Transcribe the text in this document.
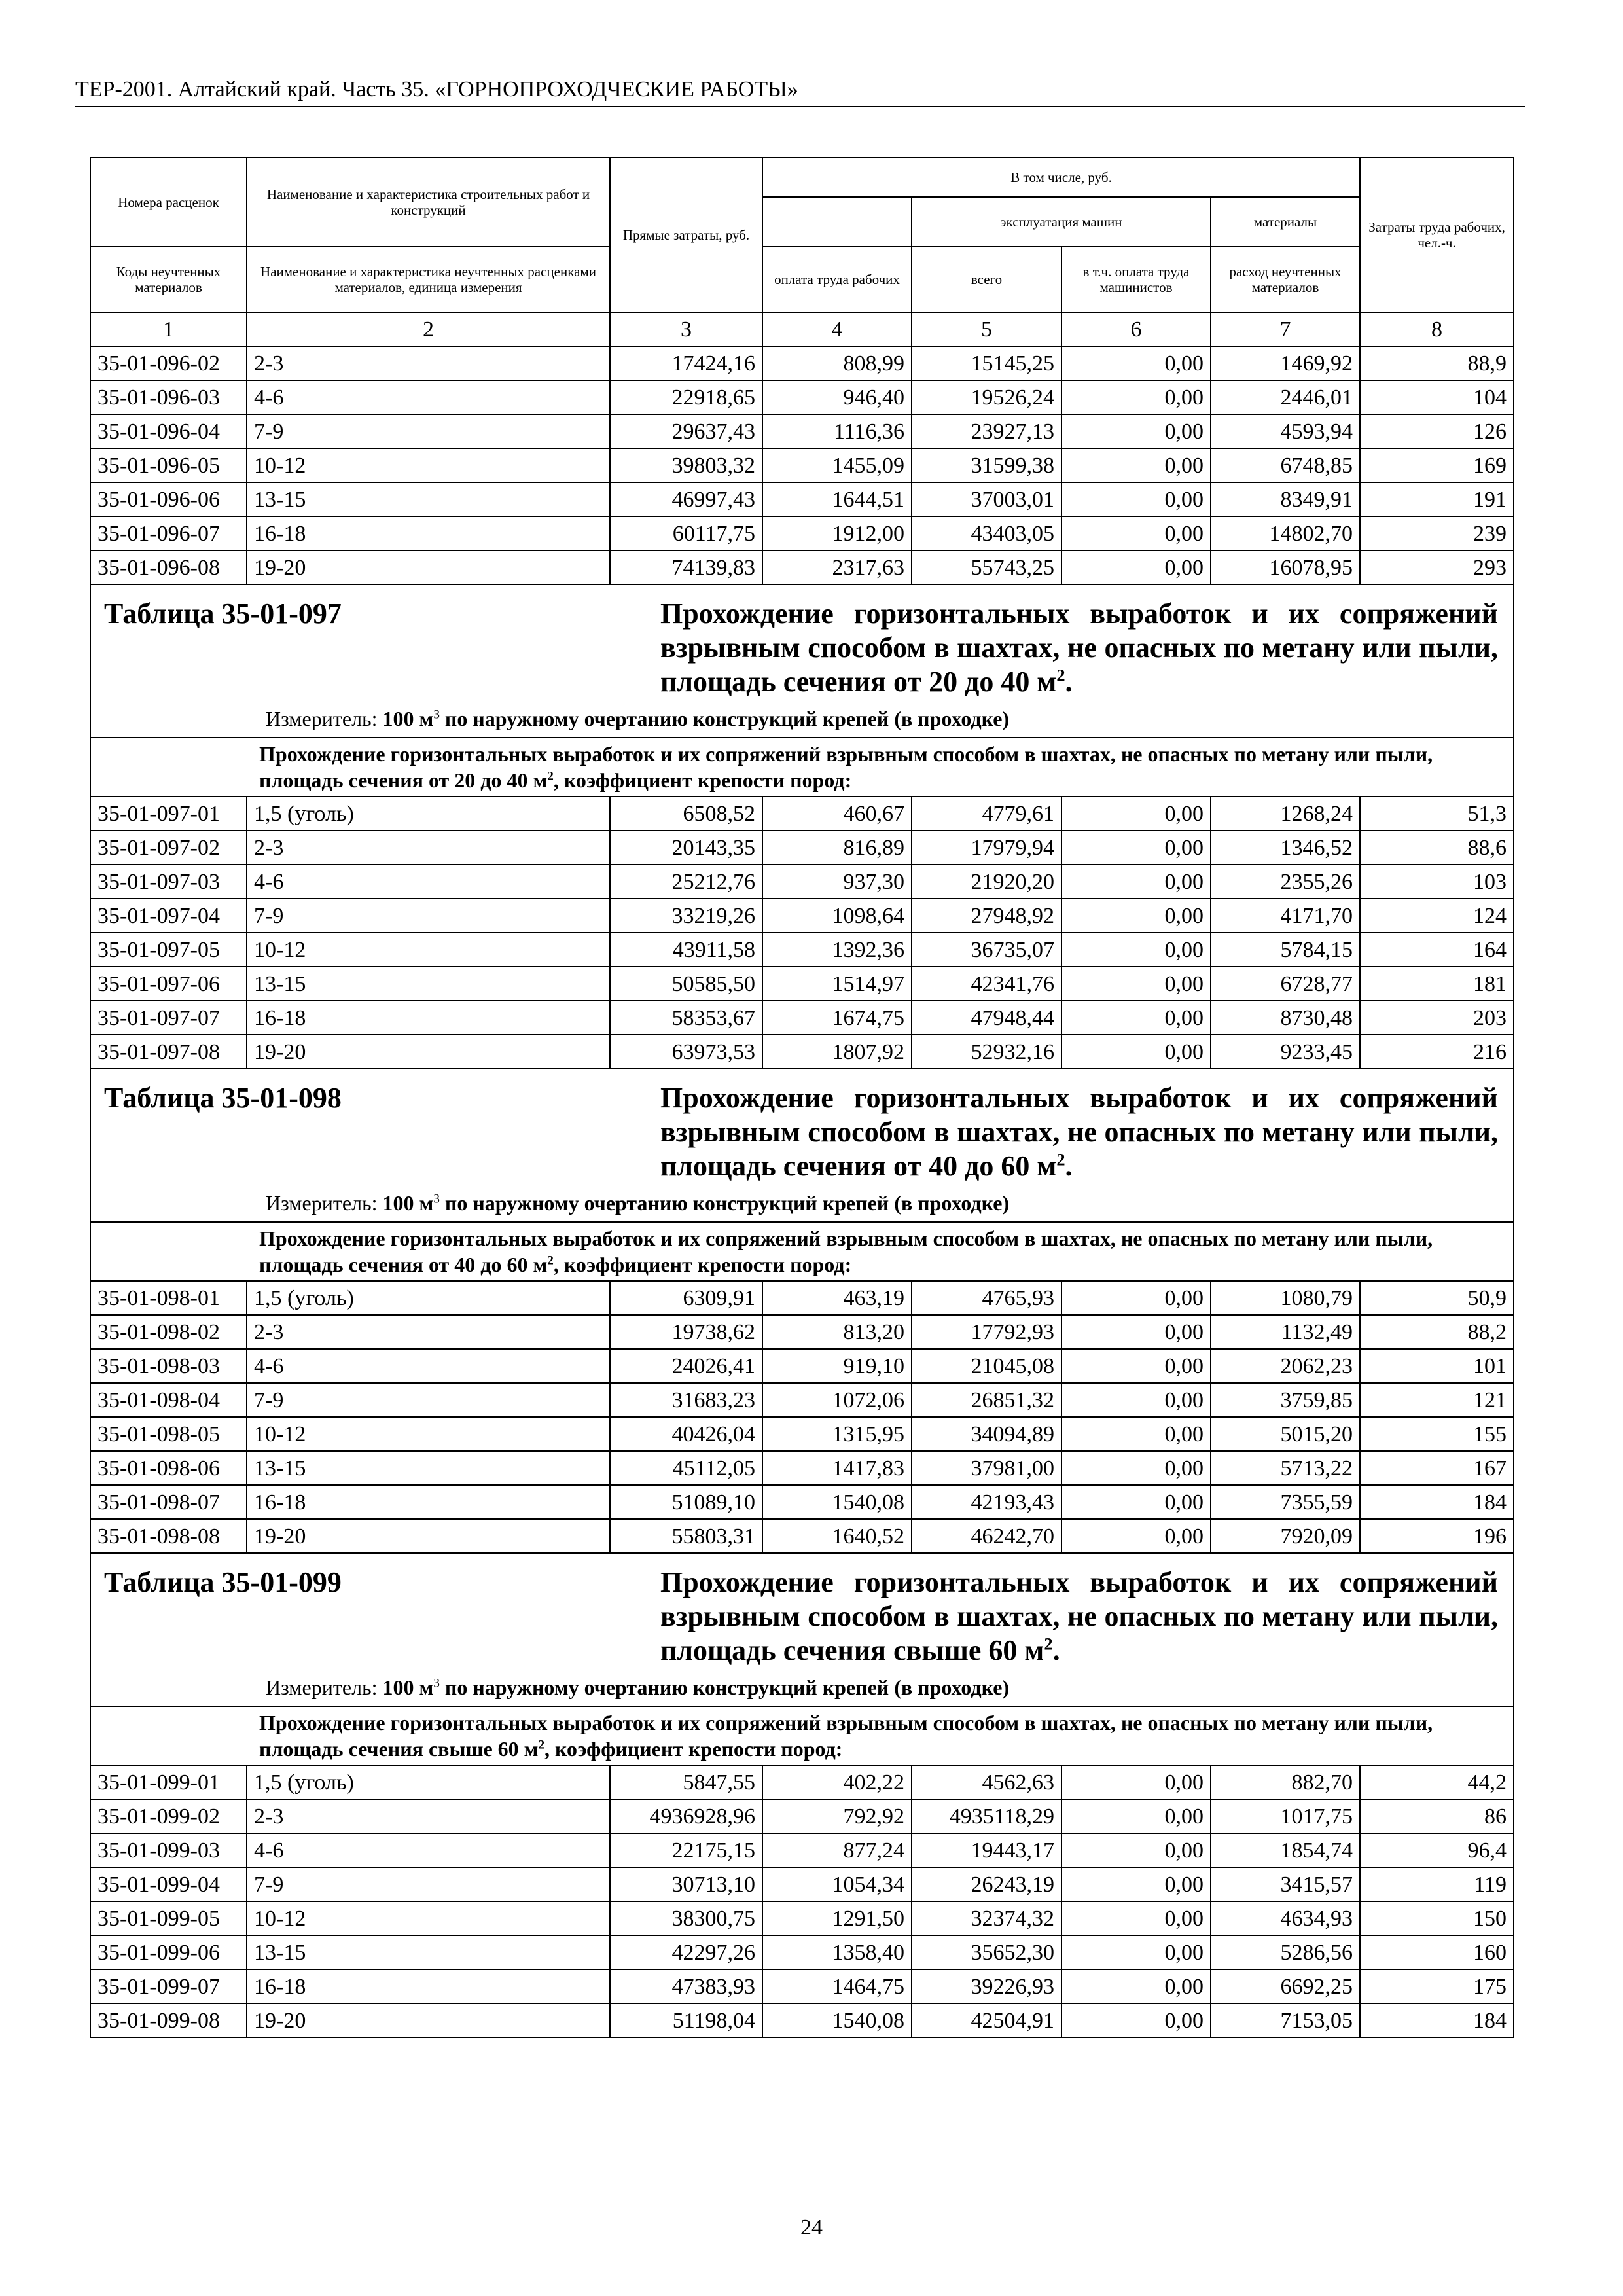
ТЕР-2001. Алтайский край. Часть 35. «ГОРНОПРОХОДЧЕСКИЕ РАБОТЫ»
Номера расценок	Наименование и характеристика строительных работ и конструкций	Прямые затраты, руб.	В том числе, руб.				Затраты труда рабочих, чел.-ч.
				эксплуатация машин		материалы	
Коды неучтенных материалов	Наименование и характеристика неучтенных расценками материалов, единица измерения		оплата труда рабочих	всего	в т.ч. оплата труда машинистов	расход неучтенных материалов	
1	2	3	4	5	6	7	8
35-01-096-02	2-3	17424,16	808,99	15145,25	0,00	1469,92	88,9
35-01-096-03	4-6	22918,65	946,40	19526,24	0,00	2446,01	104
35-01-096-04	7-9	29637,43	1116,36	23927,13	0,00	4593,94	126
35-01-096-05	10-12	39803,32	1455,09	31599,38	0,00	6748,85	169
35-01-096-06	13-15	46997,43	1644,51	37003,01	0,00	8349,91	191
35-01-096-07	16-18	60117,75	1912,00	43403,05	0,00	14802,70	239
35-01-096-08	19-20	74139,83	2317,63	55743,25	0,00	16078,95	293

Таблица 35-01-097 Прохождение горизонтальных выработок и их сопряжений взрывным способом в шахтах, не опасных по метану или пыли, площадь сечения от 20 до 40 $м^2$.
Измеритель: 100 $м^3$ по наружному очертанию конструкций крепей (в проходке)							

Прохождение горизонтальных выработок и их сопряжений взрывным способом в шахтах, не опасных по метану или пыли, площадь сечения от 20 до 40 $м^2$, коэффициент крепости пород:							
35-01-097-01	1,5 (уголь)	6508,52	460,67	4779,61	0,00	1268,24	51,3
35-01-097-02	2-3	20143,35	816,89	17979,94	0,00	1346,52	88,6
35-01-097-03	4-6	25212,76	937,30	21920,20	0,00	2355,26	103
35-01-097-04	7-9	33219,26	1098,64	27948,92	0,00	4171,70	124
35-01-097-05	10-12	43911,58	1392,36	36735,07	0,00	5784,15	164
35-01-097-06	13-15	50585,50	1514,97	42341,76	0,00	6728,77	181
35-01-097-07	16-18	58353,67	1674,75	47948,44	0,00	8730,48	203
35-01-097-08	19-20	63973,53	1807,92	52932,16	0,00	9233,45	216

Таблица 35-01-098 Прохождение горизонтальных выработок и их сопряжений взрывным способом в шахтах, не опасных по метану или пыли, площадь сечения от 40 до 60 $м^2$.
Измеритель: 100 $м^3$ по наружному очертанию конструкций крепей (в проходке)							

Прохождение горизонтальных выработок и их сопряжений взрывным способом в шахтах, не опасных по метану или пыли, площадь сечения от 40 до 60 $м^2$, коэффициент крепости пород:							
35-01-098-01	1,5 (уголь)	6309,91	463,19	4765,93	0,00	1080,79	50,9
35-01-098-02	2-3	19738,62	813,20	17792,93	0,00	1132,49	88,2
35-01-098-03	4-6	24026,41	919,10	21045,08	0,00	2062,23	101
35-01-098-04	7-9	31683,23	1072,06	26851,32	0,00	3759,85	121
35-01-098-05	10-12	40426,04	1315,95	34094,89	0,00	5015,20	155
35-01-098-06	13-15	45112,05	1417,83	37981,00	0,00	5713,22	167
35-01-098-07	16-18	51089,10	1540,08	42193,43	0,00	7355,59	184
35-01-098-08	19-20	55803,31	1640,52	46242,70	0,00	7920,09	196

Таблица 35-01-099 Прохождение горизонтальных выработок и их сопряжений взрывным способом в шахтах, не опасных по метану или пыли, площадь сечения свыше 60 $м^2$.
Измеритель: 100 $м^3$ по наружному очертанию конструкций крепей (в проходке)							

Прохождение горизонтальных выработок и их сопряжений взрывным способом в шахтах, не опасных по метану или пыли, площадь сечения свыше 60 $м^2$, коэффициент крепости пород:							
35-01-099-01	1,5 (уголь)	5847,55	402,22	4562,63	0,00	882,70	44,2
35-01-099-02	2-3	4936928,96	792,92	4935118,29	0,00	1017,75	86
35-01-099-03	4-6	22175,15	877,24	19443,17	0,00	1854,74	96,4
35-01-099-04	7-9	30713,10	1054,34	26243,19	0,00	3415,57	119
35-01-099-05	10-12	38300,75	1291,50	32374,32	0,00	4634,93	150
35-01-099-06	13-15	42297,26	1358,40	35652,30	0,00	5286,56	160
35-01-099-07	16-18	47383,93	1464,75	39226,93	0,00	6692,25	175
35-01-099-08	19-20	51198,04	1540,08	42504,91	0,00	7153,05	184
24
